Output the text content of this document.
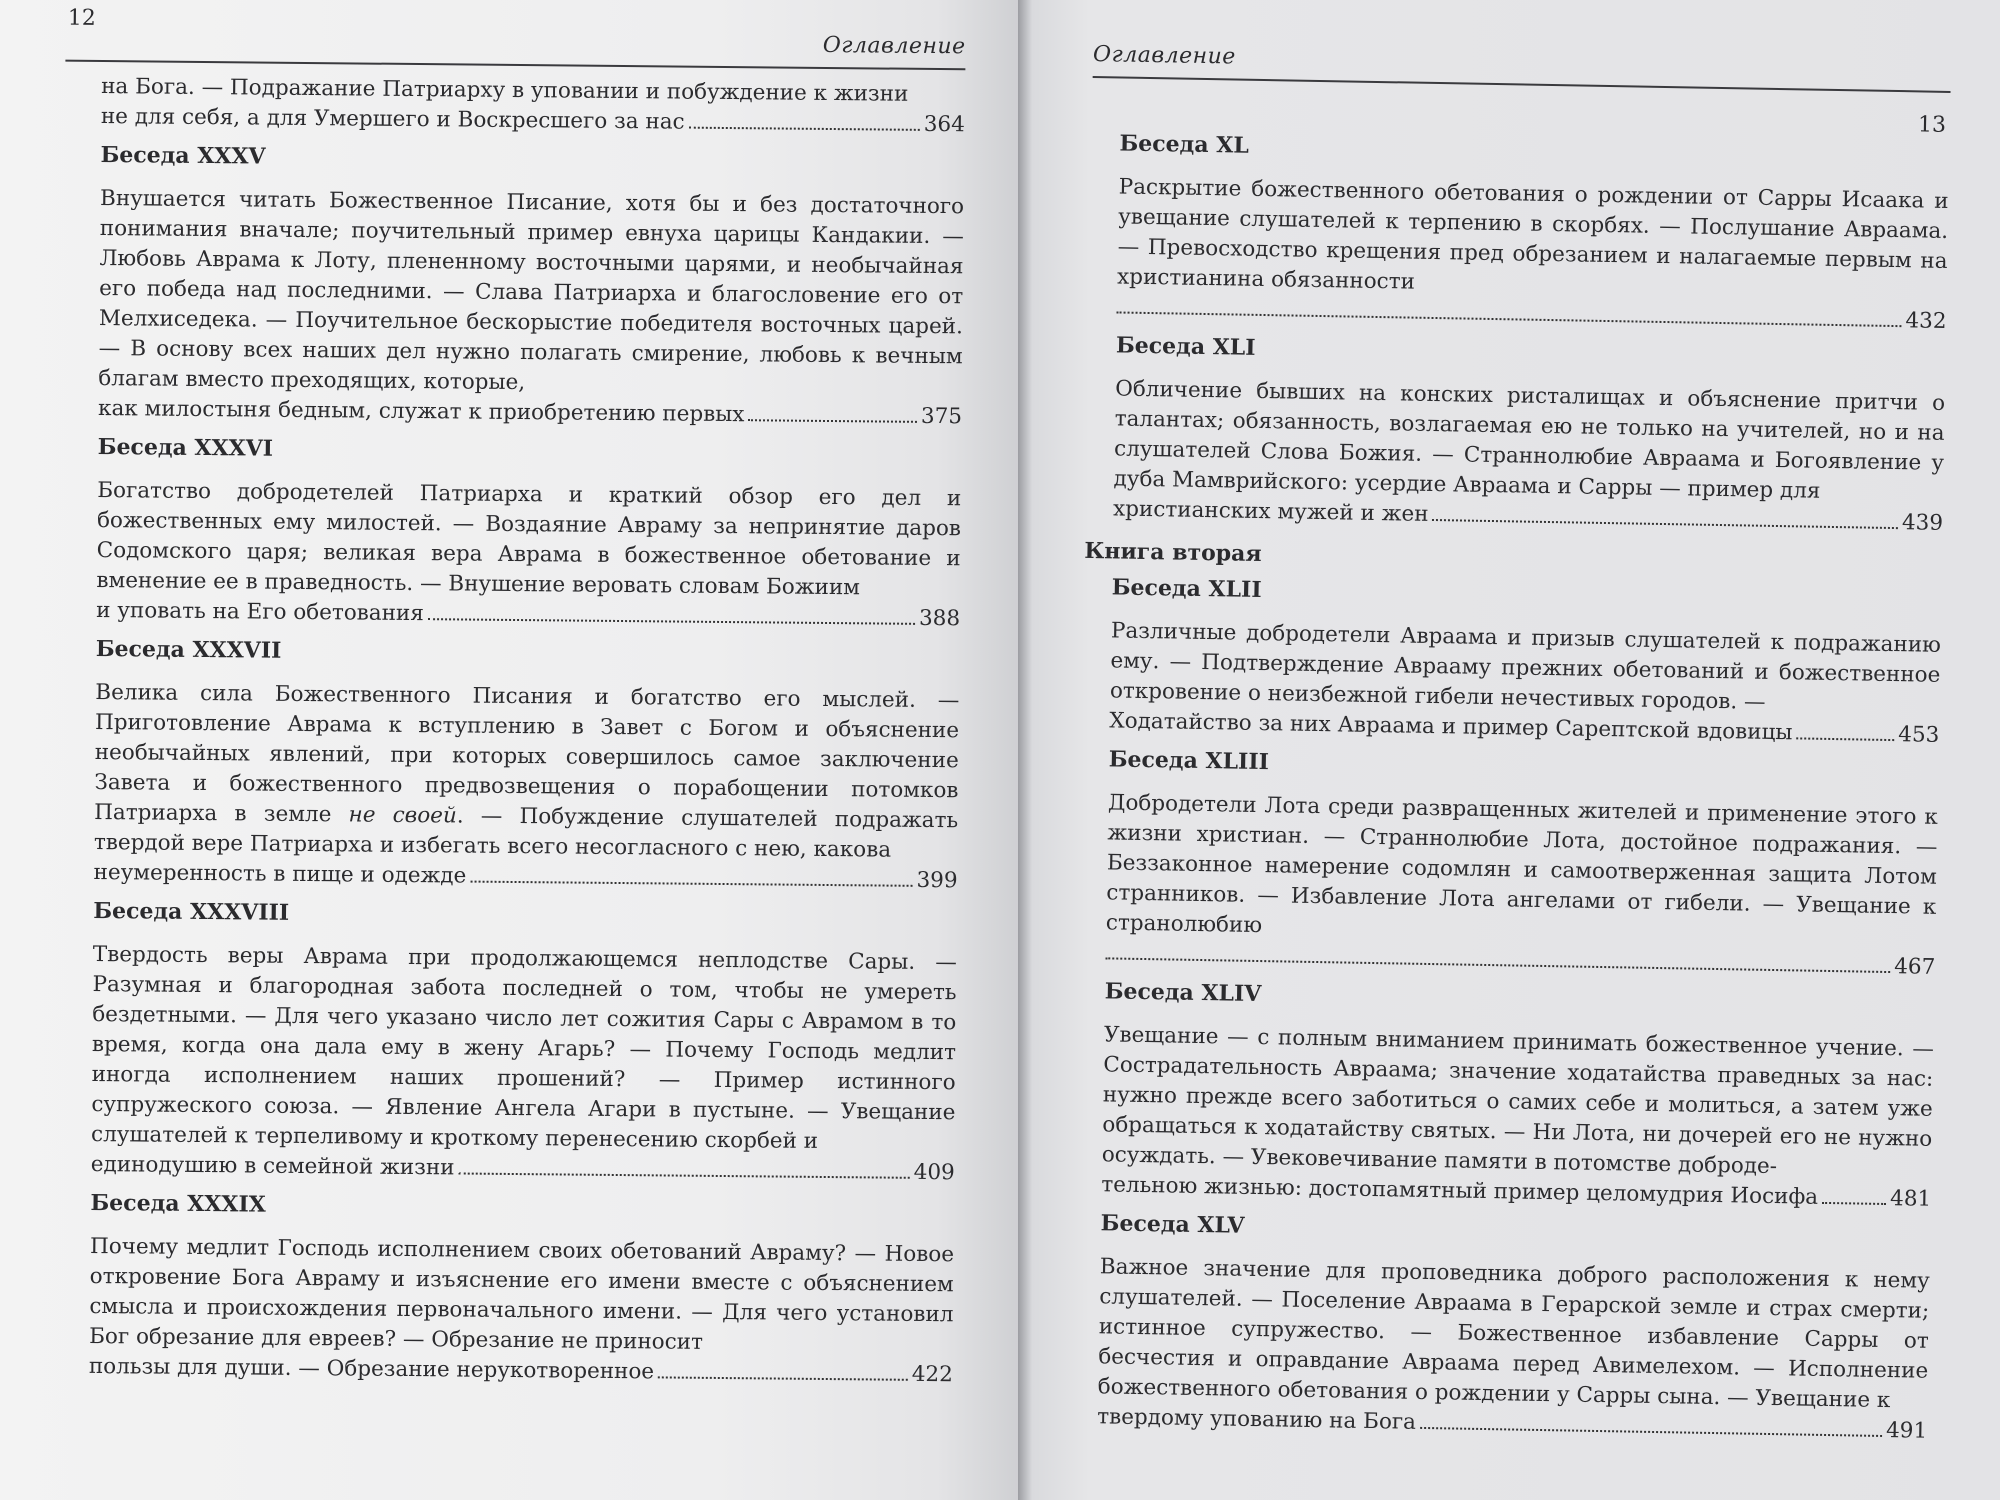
12
Оглавление
на Бога. — Подражание Патриарху в уповании и побуждение к жизни
не для себя, а для Умершего и Воскресшего за нас	364
Беседа XXXV
Внушается читать Божественное Писание, хотя бы и без достаточного понимания вначале; поучительный пример евнуха царицы Кандакии. — Любовь Аврама к Лоту, плененному восточными царями, и необычайная его победа над последними. — Слава Патриарха и благословение его от Мелхиседека. — Поучительное бескорыстие победителя восточных царей. — В основу всех наших дел нужно полагать смирение, любовь к вечным благам вместо преходящих, которые,
как милостыня бедным, служат к приобретению первых	375
Беседа XXXVI
Богатство добродетелей Патриарха и краткий обзор его дел и божественных ему милостей. — Воздаяние Авраму за непринятие даров Содомского царя; великая вера Аврама в божественное обетование и вменение ее в праведность. — Внушение веровать словам Божиим
и уповать на Его обетования	388
Беседа XXXVII
Велика сила Божественного Писания и богатство его мыслей. — Приготовление Аврама к вступлению в Завет с Богом и объяснение необычайных явлений, при которых совершилось самое заключение Завета и божественного предвозвещения о порабощении потомков Патриарха в земле не своей. — Побуждение слушателей подражать твердой вере Патриарха и избегать всего несогласного с нею, какова
неумеренность в пище и одежде	399
Беседа XXXVIII
Твердость веры Аврама при продолжающемся неплодстве Сары. — Разумная и благородная забота последней о том, чтобы не умереть бездетными. — Для чего указано число лет сожития Сары с Аврамом в то время, когда она дала ему в жену Агарь? — Почему Господь медлит иногда исполнением наших прошений? — Пример истинного супружеского союза. — Явление Ангела Агари в пустыне. — Увещание слушателей к терпеливому и кроткому перенесению скорбей и
единодушию в семейной жизни	409
Беседа XXXIX
Почему медлит Господь исполнением своих обетований Авраму? — Новое откровение Бога Авраму и изъяснение его имени вместе с объяснением смысла и происхождения первоначального имени. — Для чего установил Бог обрезание для евреев? — Обрезание не приносит
пользы для души. — Обрезание нерукотворенное	422
Оглавление
13
Беседа XL
Раскрытие божественного обетования о рождении от Сарры Исаака и увещание слушателей к терпению в скорбях. — Послушание Авраама. — Превосходство крещения пред обрезанием и налагаемые первым на христианина обязанности
432
Беседа XLI
Обличение бывших на конских ристалищах и объяснение притчи о талантах; обязанность, возлагаемая ею не только на учителей, но и на слушателей Слова Божия. — Страннолюбие Авраама и Богоявление у дуба Мамврийского: усердие Авраама и Сарры — пример для
христианских мужей и жен	439
Книга вторая
Беседа XLII
Различные добродетели Авраама и призыв слушателей к подражанию ему. — Подтверждение Аврааму прежних обетований и божественное откровение о неизбежной гибели нечестивых городов. —
Ходатайство за них Авраама и пример Сарептской вдовицы	453
Беседа XLIII
Добродетели Лота среди развращенных жителей и применение этого к жизни христиан. — Страннолюбие Лота, достойное подражания. — Беззаконное намерение содомлян и самоотверженная защита Лотом странников. — Избавление Лота ангелами от гибели. — Увещание к странолюбию
467
Беседа XLIV
Увещание — с полным вниманием принимать божественное учение. — Сострадательность Авраама; значение ходатайства праведных за нас: нужно прежде всего заботиться о самих себе и молиться, а затем уже обращаться к ходатайству святых. — Ни Лота, ни дочерей его не нужно осуждать. — Увековечивание памяти в потомстве доброде-
тельною жизнью: достопамятный пример целомудрия Иосифа	481
Беседа XLV
Важное значение для проповедника доброго расположения к нему слушателей. — Поселение Авраама в Герарской земле и страх смерти; истинное супружество. — Божественное избавление Сарры от бесчестия и оправдание Авраама перед Авимелехом. — Исполнение божественного обетования о рождении у Сарры сына. — Увещание к
твердому упованию на Бога	491
